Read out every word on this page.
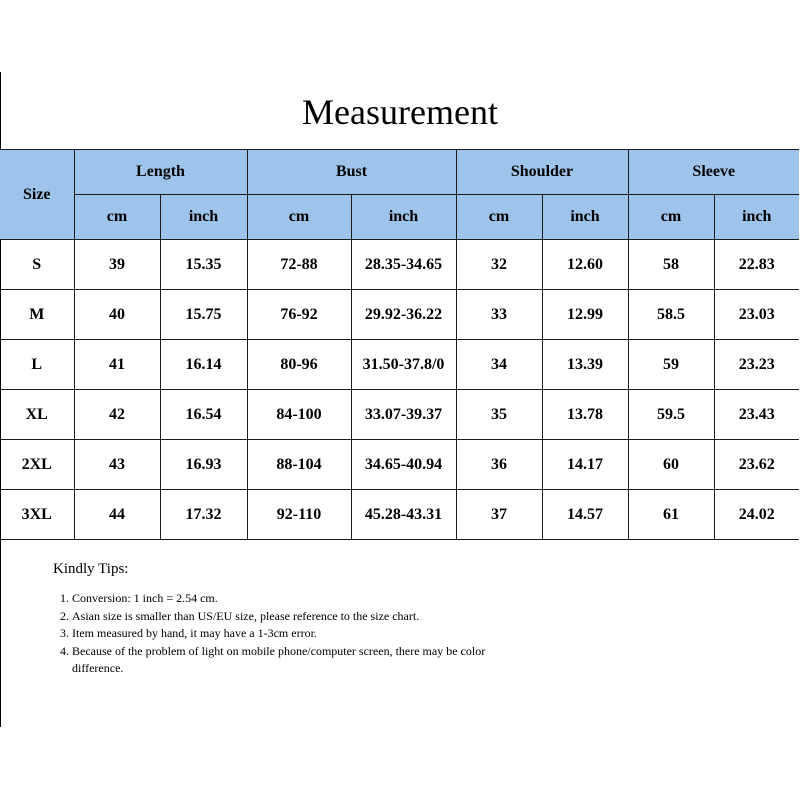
Measurement
Size	Length		Bust		Shoulder		Sleeve	
	cm	inch	cm	inch	cm	inch	cm	inch
S	39	15.35	72-88	28.35-34.65	32	12.60	58	22.83
M	40	15.75	76-92	29.92-36.22	33	12.99	58.5	23.03
L	41	16.14	80-96	31.50-37.8/0	34	13.39	59	23.23
XL	42	16.54	84-100	33.07-39.37	35	13.78	59.5	23.43
2XL	43	16.93	88-104	34.65-40.94	36	14.17	60	23.62
3XL	44	17.32	92-110	45.28-43.31	37	14.57	61	24.02
Kindly Tips:
1. Conversion: 1 inch = 2.54 cm.
2. Asian size is smaller than US/EU size, please reference to the size chart.
3. Item measured by hand, it may have a 1-3cm error.
4. Because of the problem of light on mobile phone/computer screen, there may be color difference.
